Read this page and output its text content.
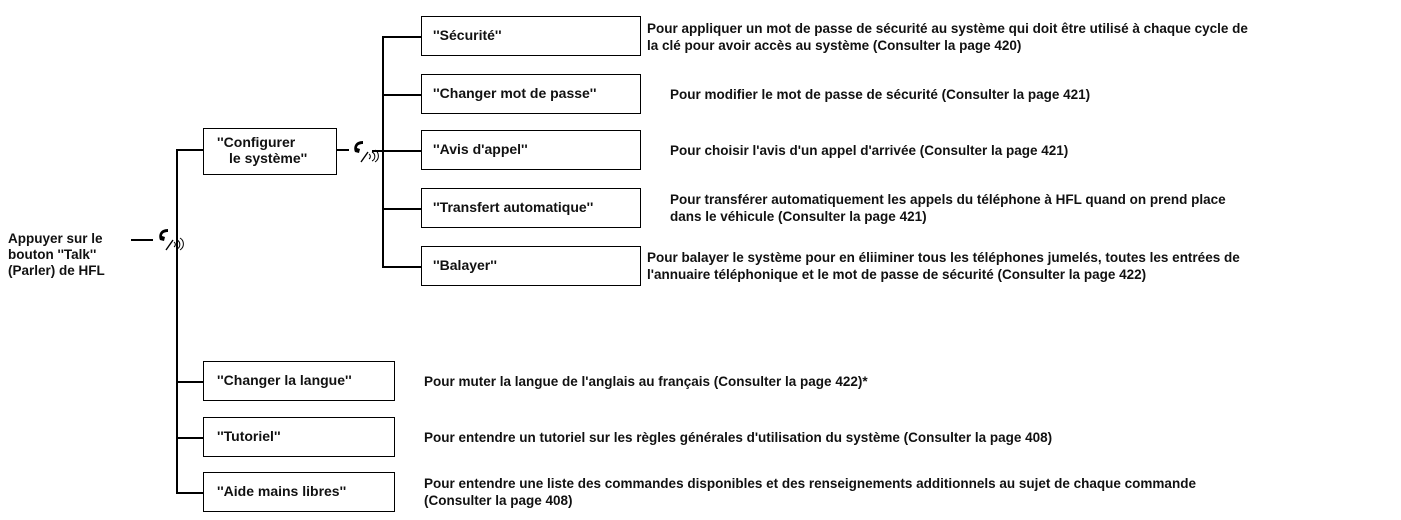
Appuyer sur le
bouton ''Talk''
(Parler) de HFL
''Configurer
le système''
''Sécurité''	Pour appliquer un mot de passe de sécurité au système qui doit être utilisé à chaque cycle de
la clé pour avoir accès au système (Consulter la page 420)
''Changer mot de passe''	Pour modifier le mot de passe de sécurité (Consulter la page 421)
''Avis d'appel''	Pour choisir l'avis d'un appel d'arrivée (Consulter la page 421)
''Transfert automatique''	Pour transférer automatiquement les appels du téléphone à HFL quand on prend place
dans le véhicule (Consulter la page 421)
''Balayer''	Pour balayer le système pour en éliiminer tous les téléphones jumelés, toutes les entrées de
l'annuaire téléphonique et le mot de passe de sécurité (Consulter la page 422)
''Changer la langue''	Pour muter la langue de l'anglais au français (Consulter la page 422)*
''Tutoriel''	Pour entendre un tutoriel sur les règles générales d'utilisation du système (Consulter la page 408)
''Aide mains libres''	Pour entendre une liste des commandes disponibles et des renseignements additionnels au sujet de chaque commande
(Consulter la page 408)
